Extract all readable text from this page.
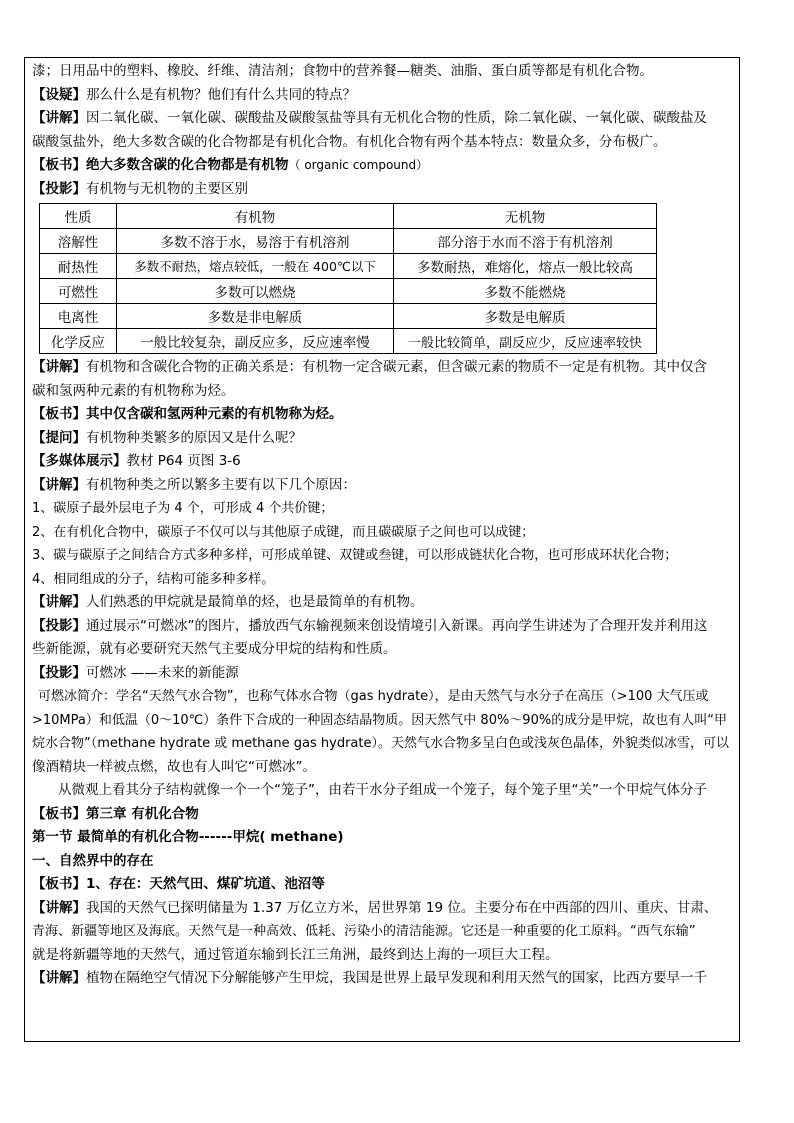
漆；日用品中的塑料、橡胶、纤维、清洁剂；食物中的营养餐—糖类、油脂、蛋白质等都是有机化合物。
【设疑】那么什么是有机物？他们有什么共同的特点？
【讲解】因二氧化碳、一氧化碳、碳酸盐及碳酸氢盐等具有无机化合物的性质，除二氧化碳、一氧化碳、碳酸盐及
碳酸氢盐外，绝大多数含碳的化合物都是有机化合物。有机化合物有两个基本特点：数量众多，分布极广。
【板书】绝大多数含碳的化合物都是有机物（ organic compound）
【投影】有机物与无机物的主要区别
性质	有机物	无机物
溶解性	多数不溶于水，易溶于有机溶剂	部分溶于水而不溶于有机溶剂
耐热性	多数不耐热，熔点较低，一般在 400℃以下	多数耐热，难熔化，熔点一般比较高
可燃性	多数可以燃烧	多数不能燃烧
电离性	多数是非电解质	多数是电解质
化学反应	一般比较复杂，副反应多，反应速率慢	一般比较简单，副反应少，反应速率较快
【讲解】有机物和含碳化合物的正确关系是：有机物一定含碳元素，但含碳元素的物质不一定是有机物。其中仅含
碳和氢两种元素的有机物称为烃。
【板书】其中仅含碳和氢两种元素的有机物称为烃。
【提问】有机物种类繁多的原因又是什么呢？
【多媒体展示】教材 P64 页图 3-6
【讲解】有机物种类之所以繁多主要有以下几个原因：
1、碳原子最外层电子为 4 个，可形成 4 个共价键；
2、在有机化合物中，碳原子不仅可以与其他原子成键，而且碳碳原子之间也可以成键；
3、碳与碳原子之间结合方式多种多样，可形成单键、双键或叁键，可以形成链状化合物，也可形成环状化合物；
4、相同组成的分子，结构可能多种多样。
【讲解】人们熟悉的甲烷就是最简单的烃，也是最简单的有机物。
【投影】通过展示“可燃冰”的图片，播放西气东输视频来创设情境引入新课。再向学生讲述为了合理开发并利用这
些新能源，就有必要研究天然气主要成分甲烷的结构和性质。
【投影】可燃冰 ——未来的新能源
可燃冰简介：学名“天然气水合物”，也称气体水合物（gas hydrate），是由天然气与水分子在高压（>100 大气压或
>10MPa）和低温（0～10℃）条件下合成的一种固态结晶物质。因天然气中 80%～90%的成分是甲烷，故也有人叫“甲
烷水合物”（methane hydrate 或 methane gas hydrate）。天然气水合物多呈白色或浅灰色晶体，外貌类似冰雪，可以
像酒精块一样被点燃，故也有人叫它“可燃冰”。
从微观上看其分子结构就像一个一个“笼子”，由若干水分子组成一个笼子，每个笼子里“关”一个甲烷气体分子
【板书】第三章 有机化合物
第一节 最简单的有机化合物------甲烷( methane)
一、自然界中的存在
【板书】1、存在：天然气田、煤矿坑道、池沼等
【讲解】我国的天然气已探明储量为 1.37 万亿立方米，居世界第 19 位。主要分布在中西部的四川、重庆、甘肃、
青海、新疆等地区及海底。天然气是一种高效、低耗、污染小的清洁能源。它还是一种重要的化工原料。“西气东输”
就是将新疆等地的天然气，通过管道东输到长江三角洲，最终到达上海的一项巨大工程。
【讲解】植物在隔绝空气情况下分解能够产生甲烷，我国是世界上最早发现和利用天然气的国家，比西方要早一千
